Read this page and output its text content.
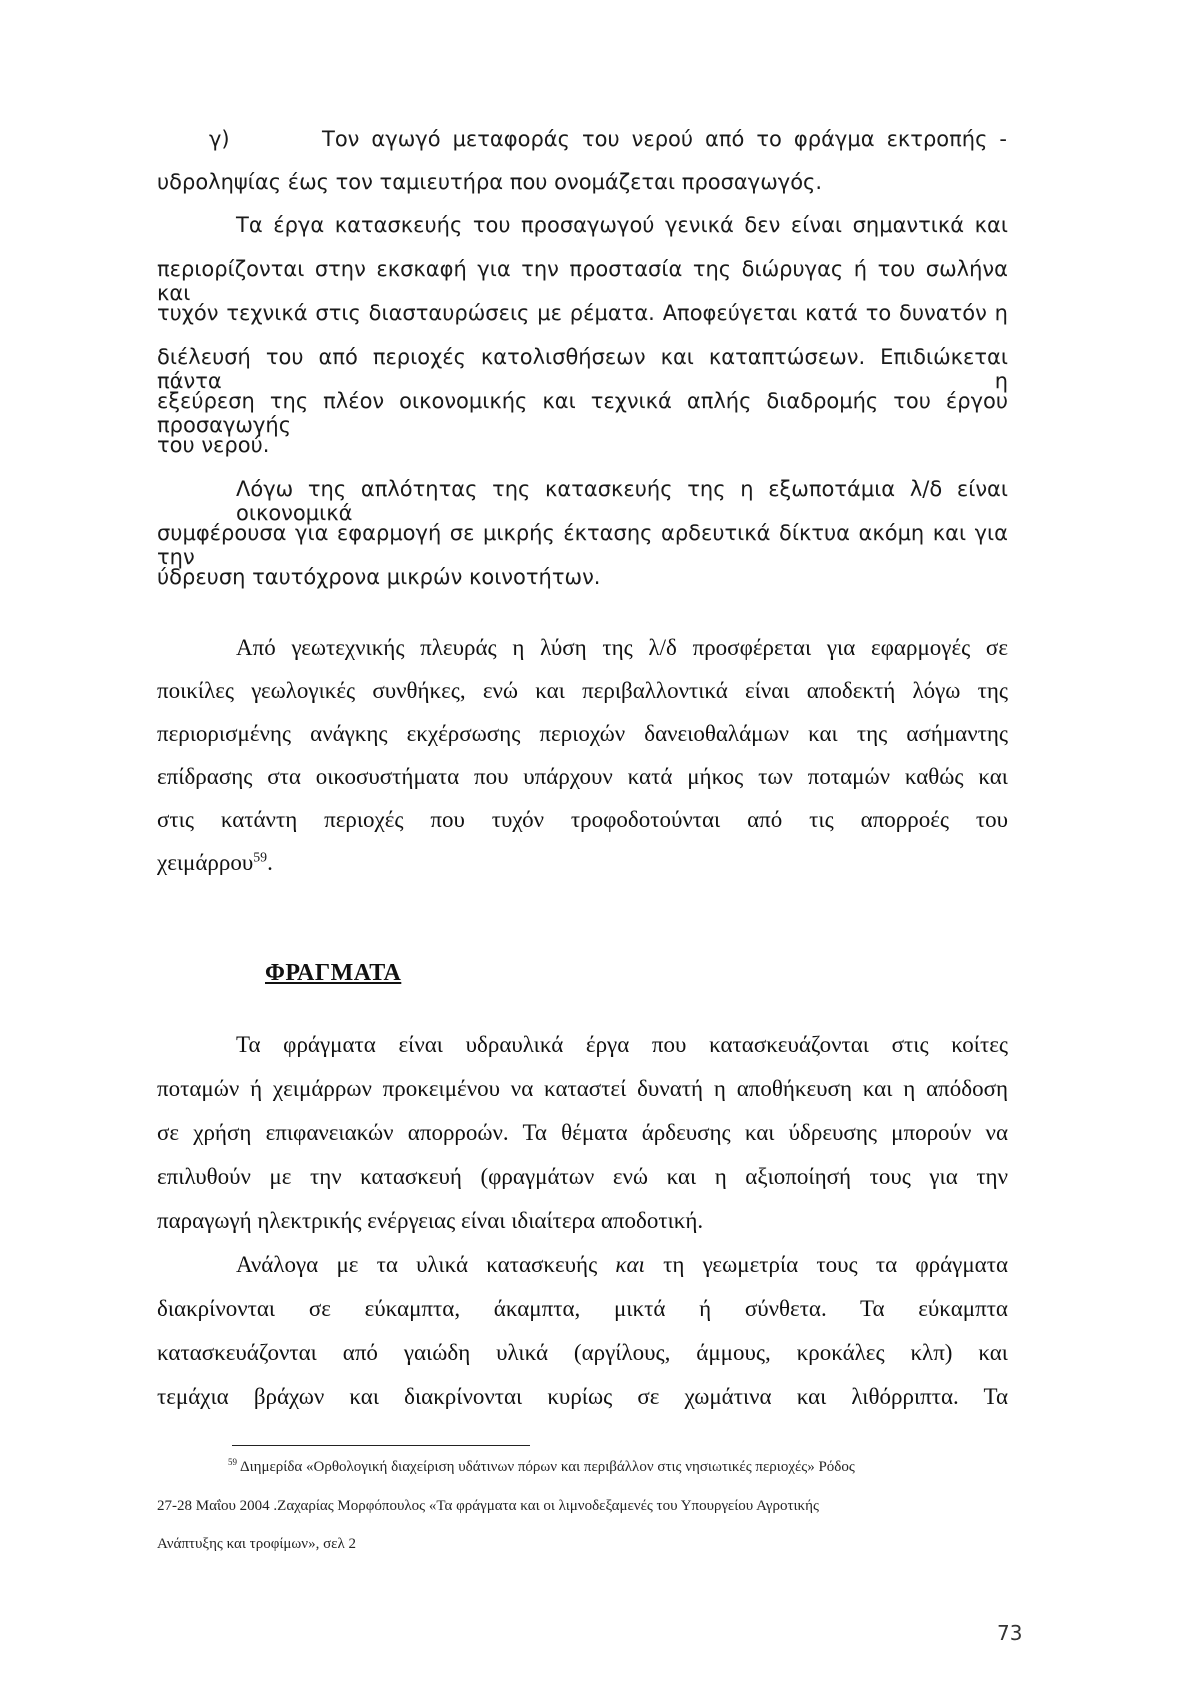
γ)	Τον αγωγό μεταφοράς του νερού από το φράγμα εκτροπής -
υδροληψίας έως τον ταμιευτήρα που ονομάζεται προσαγωγός.
Τα έργα κατασκευής του προσαγωγού γενικά δεν είναι σημαντικά και
περιορίζονται στην εκσκαφή για την προστασία της διώρυγας ή του σωλήνα και
τυχόν τεχνικά στις διασταυρώσεις με ρέματα. Αποφεύγεται κατά το δυνατόν η
διέλευσή του από περιοχές κατολισθήσεων και καταπτώσεων. Επιδιώκεται πάντα η
εξεύρεση της πλέον οικονομικής και τεχνικά απλής διαδρομής του έργου προσαγωγής
του νερού.
Λόγω της απλότητας της κατασκευής της η εξωποτάμια λ/δ είναι οικονομικά
συμφέρουσα για εφαρμογή σε μικρής έκτασης αρδευτικά δίκτυα ακόμη και για την
ύδρευση ταυτόχρονα μικρών κοινοτήτων.
Από γεωτεχνικής πλευράς η λύση της λ/δ προσφέρεται για εφαρμογές σε
ποικίλες γεωλογικές συνθήκες, ενώ και περιβαλλοντικά είναι αποδεκτή λόγω της
περιορισμένης ανάγκης εκχέρσωσης περιοχών δανειοθαλάμων και της ασήμαντης
επίδρασης στα οικοσυστήματα που υπάρχουν κατά μήκος των ποταμών καθώς και
στις κατάντη περιοχές που τυχόν τροφοδοτούνται από τις απορροές του
χειμάρρου$^{59}$.
ΦΡΑΓΜΑΤΑ
Τα φράγματα είναι υδραυλικά έργα που κατασκευάζονται στις κοίτες
ποταμών ή χειμάρρων προκειμένου να καταστεί δυνατή η αποθήκευση και η απόδοση
σε χρήση επιφανειακών απορροών. Τα θέματα άρδευσης και ύδρευσης μπορούν να
επιλυθούν με την κατασκευή (φραγμάτων ενώ και η αξιοποίησή τους για την
παραγωγή ηλεκτρικής ενέργειας είναι ιδιαίτερα αποδοτική.
Ανάλογα με τα υλικά κατασκευής και τη γεωμετρία τους τα φράγματα
διακρίνονται σε εύκαμπτα, άκαμπτα, μικτά ή σύνθετα. Τα εύκαμπτα
κατασκευάζονται από γαιώδη υλικά (αργίλους, άμμους, κροκάλες κλπ) και
τεμάχια βράχων και διακρίνονται κυρίως σε χωμάτινα και λιθόρριπτα. Τα
$^{59}$ Διημερίδα «Ορθολογική διαχείριση υδάτινων πόρων και περιβάλλον στις νησιωτικές περιοχές» Ρόδος
27-28 Μαΐου 2004 .Ζαχαρίας Μορφόπουλος «Τα φράγματα και οι λιμνοδεξαμενές του Υπουργείου Αγροτικής
Ανάπτυξης και τροφίμων», σελ 2
73
